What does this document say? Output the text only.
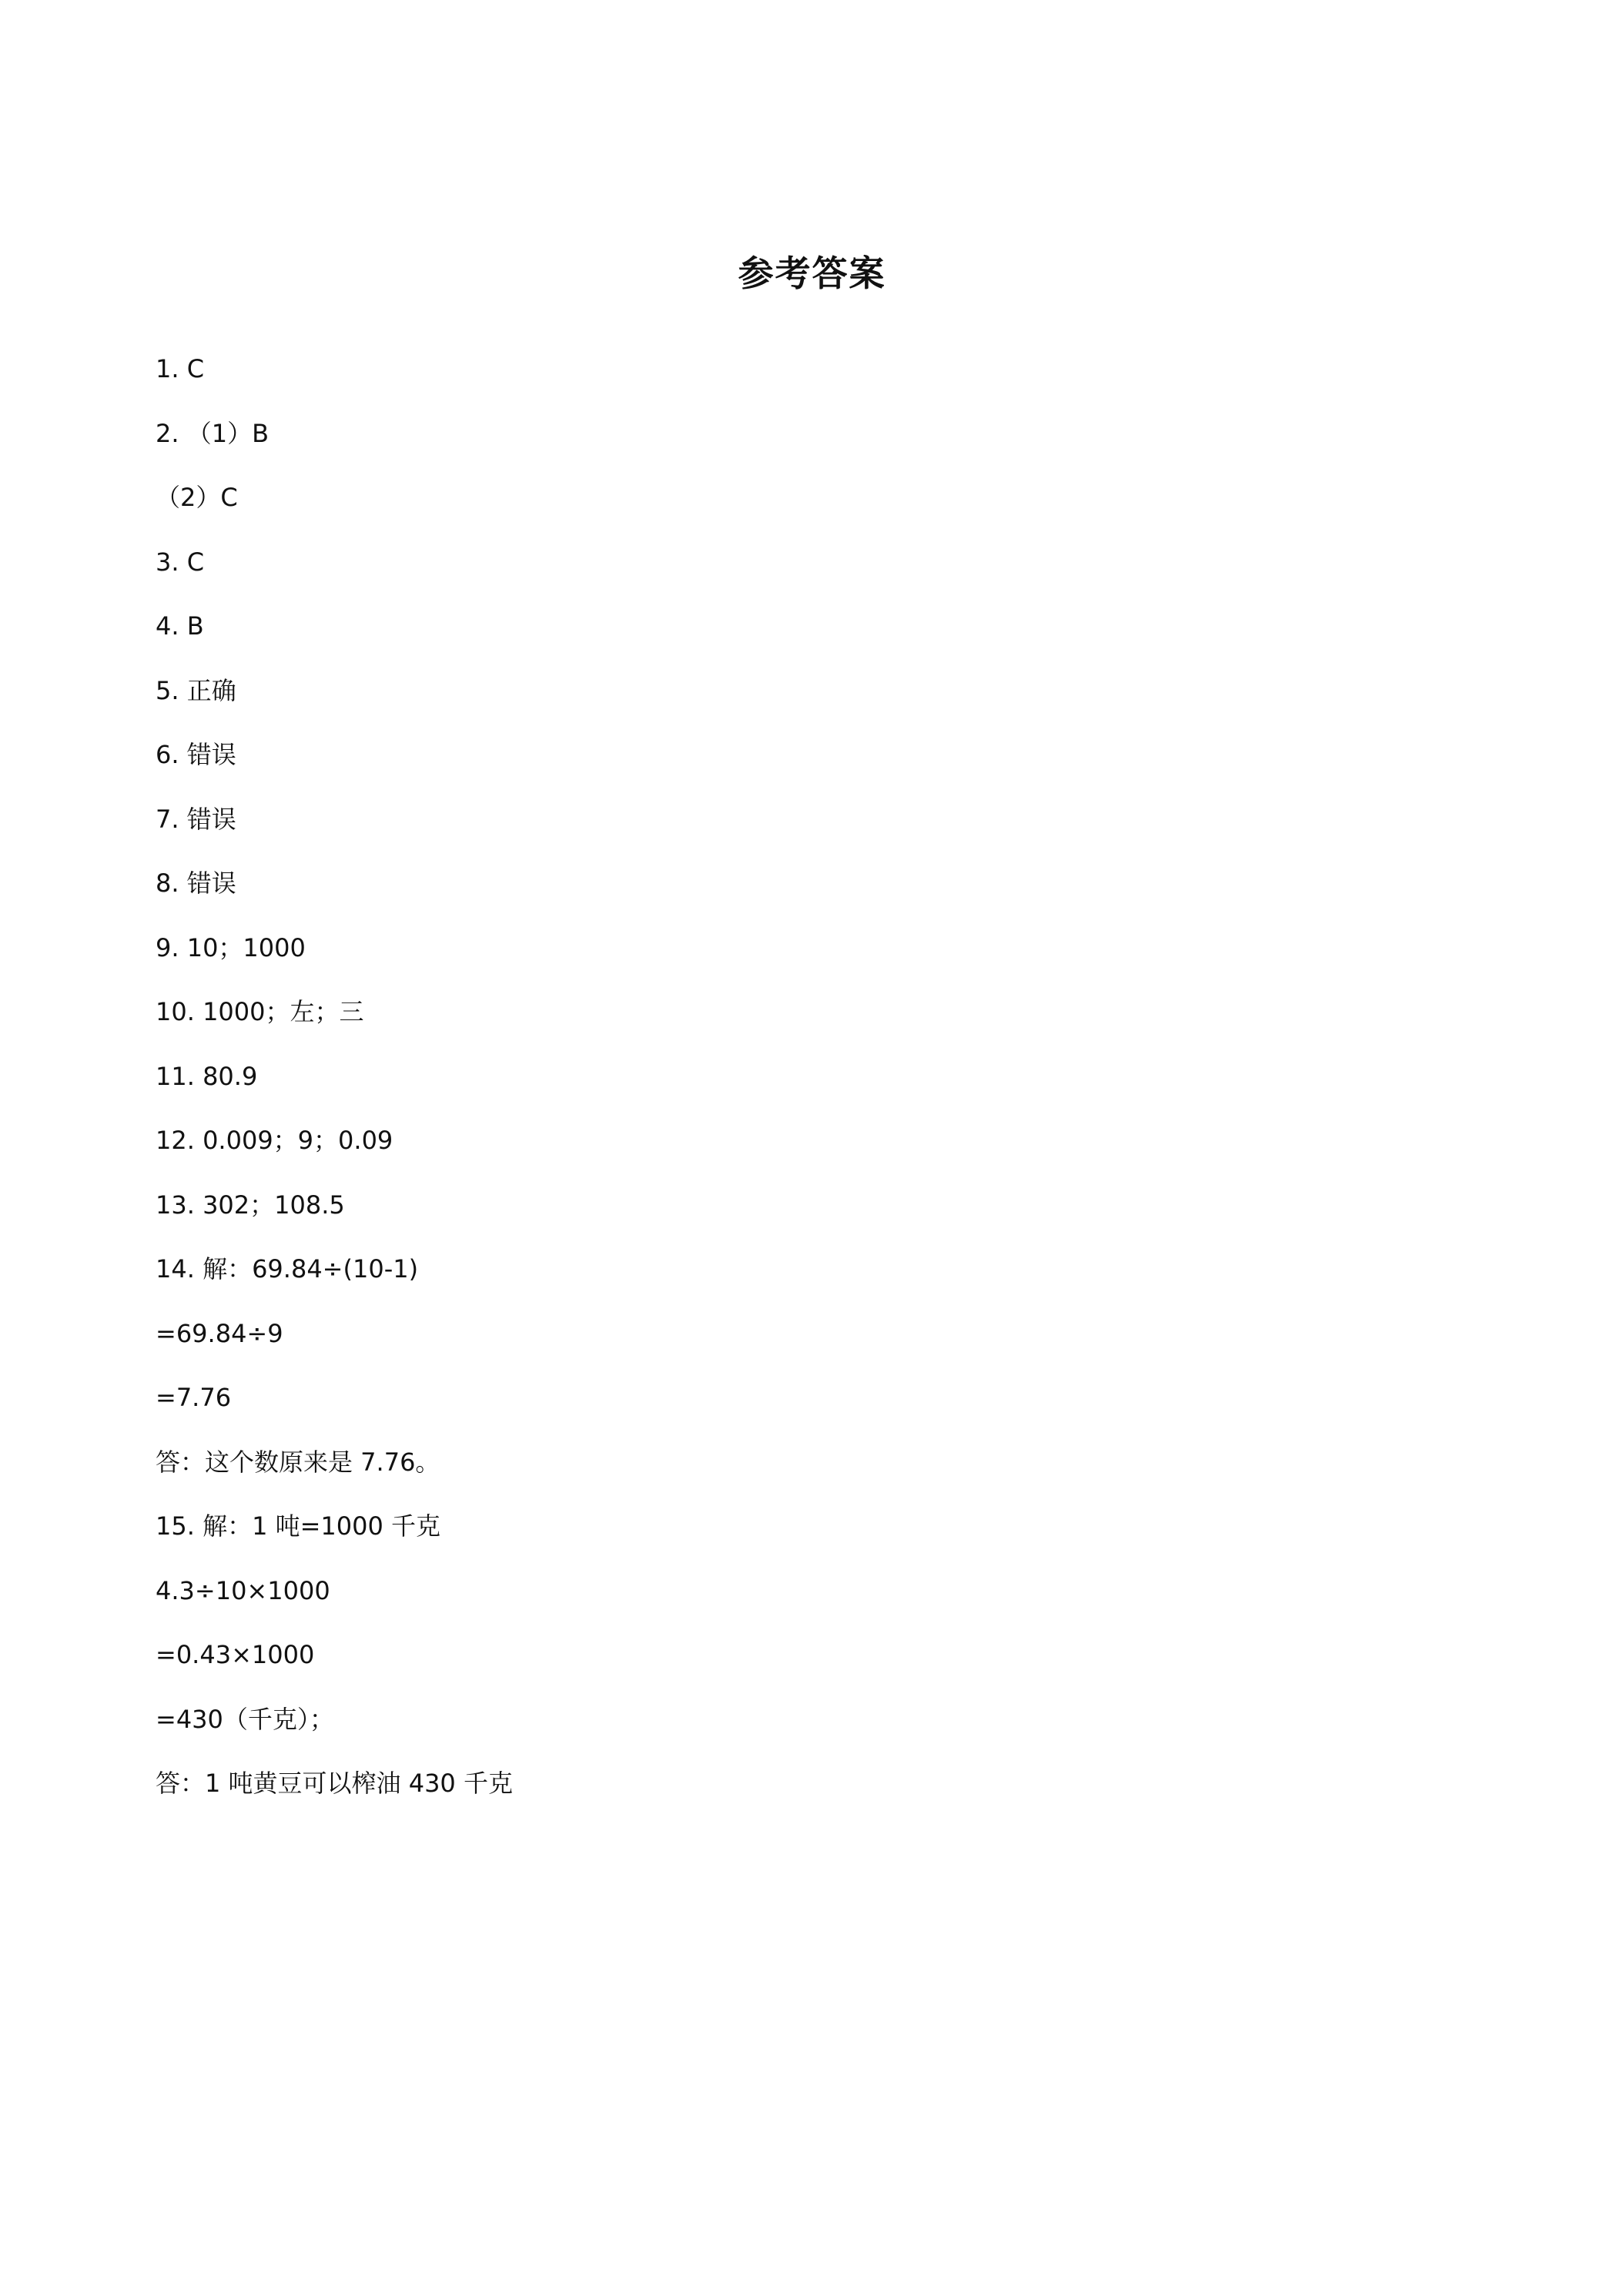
参考答案
1. C
2. （1）B
（2）C
3. C
4. B
5. 正确
6. 错误
7. 错误
8. 错误
9. 10；1000
10. 1000；左；三
11. 80.9
12. 0.009；9；0.09
13. 302；108.5
14. 解：69.84÷(10-1)
=69.84÷9
=7.76
答：这个数原来是 7.76。
15. 解：1 吨=1000 千克
4.3÷10×1000
=0.43×1000
=430（千克）；
答：1 吨黄豆可以榨油 430 千克
